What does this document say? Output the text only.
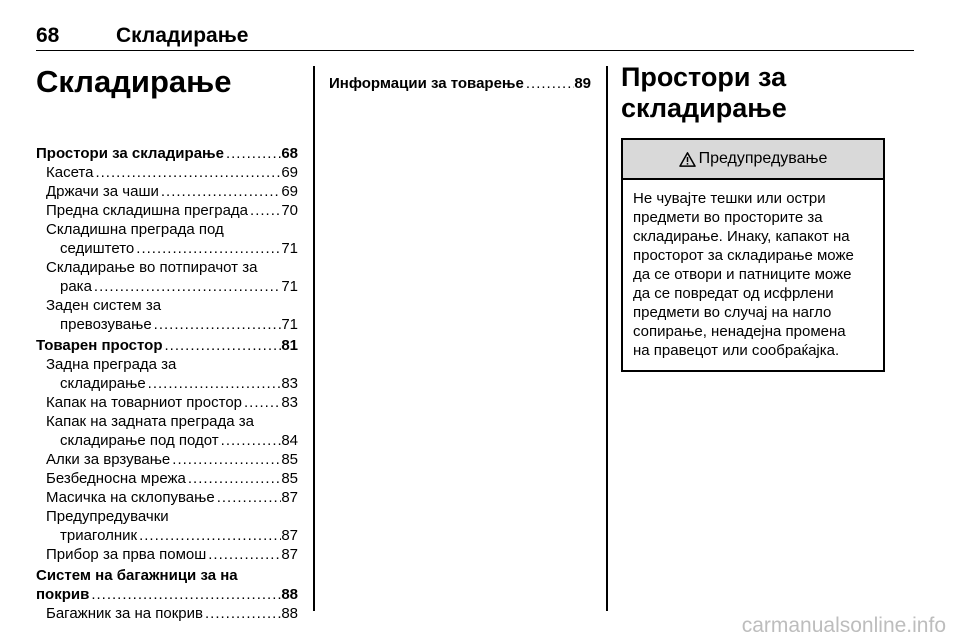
68	Складирање
Складирање
Простори за складирање .....	68
Касета .....	69
Држачи за чаши .....	69
Предна складишна преграда ..... 70
Складишна преграда под
седиштето .....	71
Складирање во потпирачот за
рака .....	71
Заден систем за
превозување .....	71
Товарен простор .....	81
Задна преграда за
складирање .....	83
Капак на товарниот простор .....	83
Капак на задната преграда за
складирање под подот .....	84
Алки за врзување .....	85
Безбедносна мрежа .....	85
Масичка на склопување .....	87
Предупредувачки
триаголник .....	87
Прибор за прва помош .....	87
Систем на багажници за на
покрив .....	88
Багажник за на покрив .....	88
Информации за товарење .....	89 Простори за
складирање
Предупредување

Не чувајте тешки или остри

предмети во просторите за

складирање. Инаку, капакот на

просторот за складирање може

да се отвори и патниците може

да се повредат од исфрлени

предмети во случај на нагло

сопирање, ненадејна промена

на правецот или сообраќајка.

carmanualsonline.info
